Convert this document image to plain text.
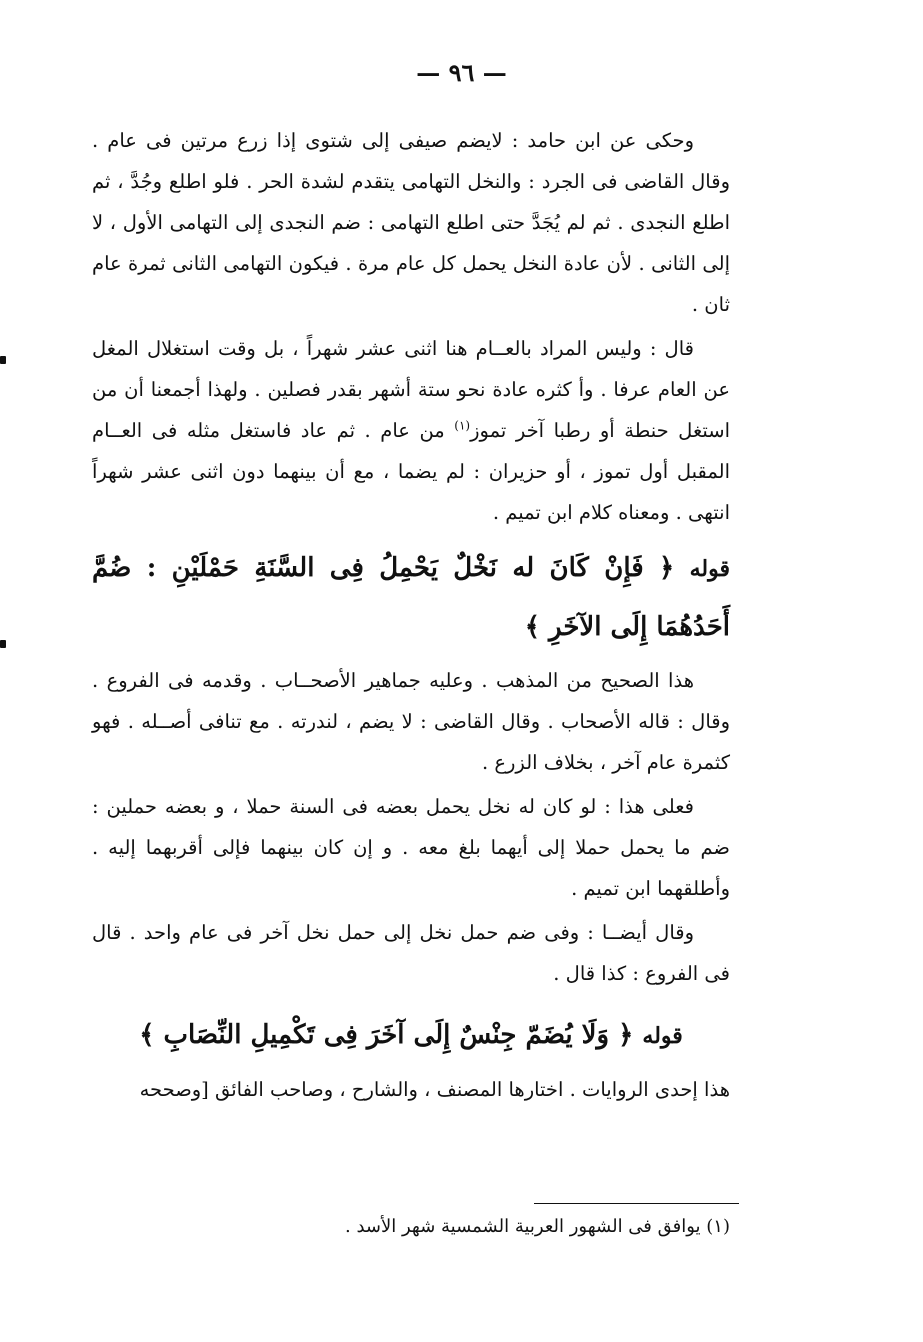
— ٩٦ —

وحكى عن ابن حامد : لايضم صيفى إلى شتوى إذا زرع مرتين فى عام . وقال القاضى فى الجرد : والنخل التهامى يتقدم لشدة الحر . فلو اطلع وجُدَّ ، ثم اطلع النجدى . ثم لم يُجَدَّ حتى اطلع التهامى : ضم النجدى إلى التهامى الأول ، لا إلى الثانى . لأن عادة النخل يحمل كل عام مرة . فيكون التهامى الثانى ثمرة عام ثان .

قال : وليس المراد بالعــام هنا اثنى عشر شهراً ، بل وقت استغلال المغل عن العام عرفا . وأ كثره عادة نحو ستة أشهر بقدر فصلين . ولهذا أجمعنا أن من استغل حنطة أو رطبا آخر تموز$^{(١)}$ من عام . ثم عاد فاستغل مثله فى العــام المقبل أول تموز ، أو حزيران : لم يضما ، مع أن بينهما دون اثنى عشر شهراً انتهى . ومعناه كلام ابن تميم .

قوله ﴿ فَإِنْ كَانَ له نَخْلٌ يَحْمِلُ فِى السَّنَةِ حَمْلَيْنِ : ضُمَّ أَحَدُهُمَا إِلَى الآخَرِ ﴾

هذا الصحيح من المذهب . وعليه جماهير الأصحــاب . وقدمه فى الفروع . وقال : قاله الأصحاب . وقال القاضى : لا يضم ، لندرته . مع تنافى أصــله . فهو كثمرة عام آخر ، بخلاف الزرع .

فعلى هذا : لو كان له نخل يحمل بعضه فى السنة حملا ، و بعضه حملين : ضم ما يحمل حملا إلى أيهما بلغ معه . و إن كان بينهما فإلى أقربهما إليه . وأطلقهما ابن تميم .

وقال أيضــا : وفى ضم حمل نخل إلى حمل نخل آخر فى عام واحد . قال فى الفروع : كذا قال .

قوله ﴿ وَلَا يُضَمّ جِنْسٌ إِلَى آخَرَ فِى تَكْمِيلِ النِّصَابِ ﴾

هذا إحدى الروايات . اختارها المصنف ، والشارح ، وصاحب الفائق [وصححه

(١) يوافق فى الشهور العربية الشمسية شهر الأسد .
